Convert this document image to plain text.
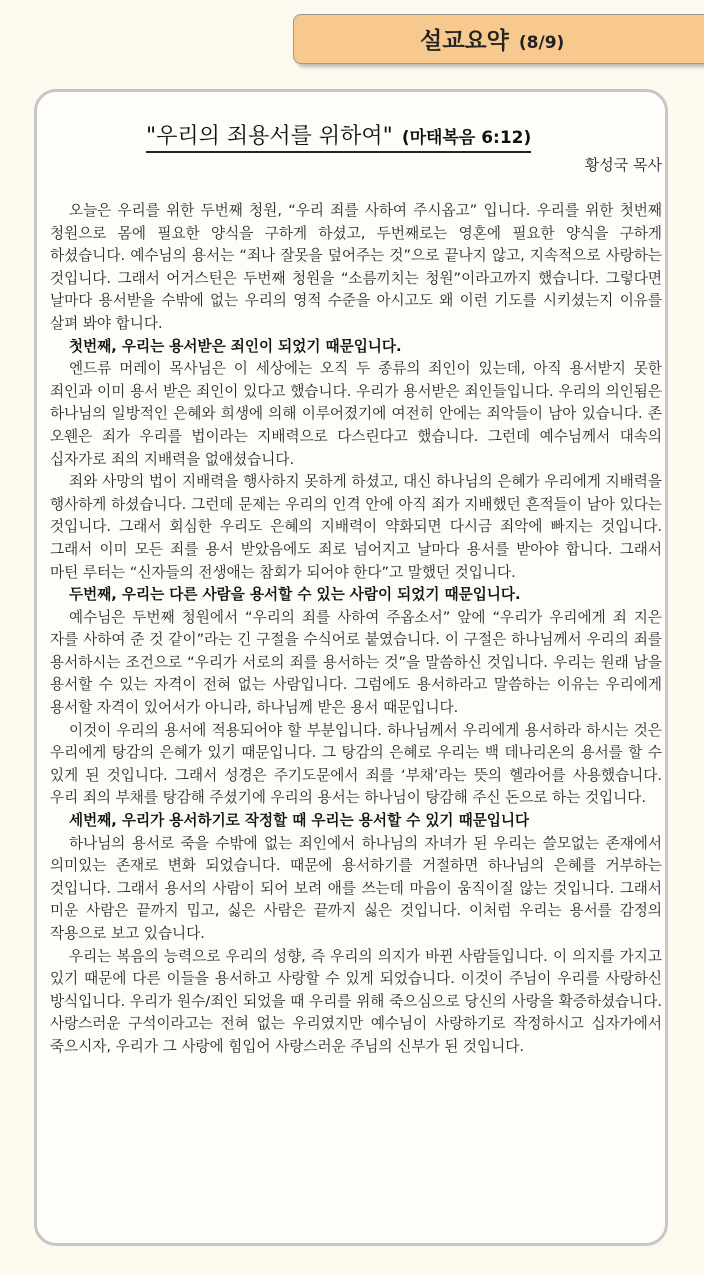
설교요약 (8/9)
"우리의 죄용서를 위하여" (마태복음 6:12)
황성국 목사

오늘은 우리를 위한 두번째 청원, “우리 죄를 사하여 주시옵고” 입니다. 우리를 위한 첫번째 청원으로 몸에 필요한 양식을 구하게 하셨고, 두번째로는 영혼에 필요한 양식을 구하게 하셨습니다. 예수님의 용서는 “죄나 잘못을 덮어주는 것”으로 끝나지 않고, 지속적으로 사랑하는 것입니다. 그래서 어거스틴은 두번째 청원을 “소름끼치는 청원”이라고까지 했습니다. 그렇다면 날마다 용서받을 수밖에 없는 우리의 영적 수준을 아시고도 왜 이런 기도를 시키셨는지 이유를 살펴 봐야 합니다.

첫번째, 우리는 용서받은 죄인이 되었기 때문입니다.

엔드류 머레이 목사님은 이 세상에는 오직 두 종류의 죄인이 있는데, 아직 용서받지 못한 죄인과 이미 용서 받은 죄인이 있다고 했습니다. 우리가 용서받은 죄인들입니다. 우리의 의인됨은 하나님의 일방적인 은혜와 희생에 의해 이루어졌기에 여전히 안에는 죄악들이 남아 있습니다. 존 오웬은 죄가 우리를 법이라는 지배력으로 다스린다고 했습니다. 그런데 예수님께서 대속의 십자가로 죄의 지배력을 없애셨습니다.

죄와 사망의 법이 지배력을 행사하지 못하게 하셨고, 대신 하나님의 은혜가 우리에게 지배력을 행사하게 하셨습니다. 그런데 문제는 우리의 인격 안에 아직 죄가 지배했던 흔적들이 남아 있다는 것입니다. 그래서 회심한 우리도 은혜의 지배력이 약화되면 다시금 죄악에 빠지는 것입니다. 그래서 이미 모든 죄를 용서 받았음에도 죄로 넘어지고 날마다 용서를 받아야 합니다. 그래서 마틴 루터는 “신자들의 전생애는 참회가 되어야 한다”고 말했던 것입니다.

두번째, 우리는 다른 사람을 용서할 수 있는 사람이 되었기 때문입니다.

예수님은 두번째 청원에서 “우리의 죄를 사하여 주옵소서” 앞에 “우리가 우리에게 죄 지은 자를 사하여 준 것 같이”라는 긴 구절을 수식어로 붙였습니다. 이 구절은 하나님께서 우리의 죄를 용서하시는 조건으로 “우리가 서로의 죄를 용서하는 것”을 말씀하신 것입니다. 우리는 원래 남을 용서할 수 있는 자격이 전혀 없는 사람입니다. 그럼에도 용서하라고 말씀하는 이유는 우리에게 용서할 자격이 있어서가 아니라, 하나님께 받은 용서 때문입니다.

이것이 우리의 용서에 적용되어야 할 부분입니다. 하나님께서 우리에게 용서하라 하시는 것은 우리에게 탕감의 은혜가 있기 때문입니다. 그 탕감의 은혜로 우리는 백 데나리온의 용서를 할 수 있게 된 것입니다. 그래서 성경은 주기도문에서 죄를 ‘부채’라는 뜻의 헬라어를 사용했습니다. 우리 죄의 부채를 탕감해 주셨기에 우리의 용서는 하나님이 탕감해 주신 돈으로 하는 것입니다.

세번째, 우리가 용서하기로 작정할 때 우리는 용서할 수 있기 때문입니다

하나님의 용서로 죽을 수밖에 없는 죄인에서 하나님의 자녀가 된 우리는 쓸모없는 존재에서 의미있는 존재로 변화 되었습니다. 때문에 용서하기를 거절하면 하나님의 은혜를 거부하는 것입니다. 그래서 용서의 사람이 되어 보려 애를 쓰는데 마음이 움직이질 않는 것입니다. 그래서 미운 사람은 끝까지 밉고, 싫은 사람은 끝까지 싫은 것입니다. 이처럼 우리는 용서를 감정의 작용으로 보고 있습니다.

우리는 복음의 능력으로 우리의 성향, 즉 우리의 의지가 바뀐 사람들입니다. 이 의지를 가지고 있기 때문에 다른 이들을 용서하고 사랑할 수 있게 되었습니다. 이것이 주님이 우리를 사랑하신 방식입니다. 우리가 원수/죄인 되었을 때 우리를 위해 죽으심으로 당신의 사랑을 확증하셨습니다. 사랑스러운 구석이라고는 전혀 없는 우리였지만 예수님이 사랑하기로 작정하시고 십자가에서 죽으시자, 우리가 그 사랑에 힘입어 사랑스러운 주님의 신부가 된 것입니다.
